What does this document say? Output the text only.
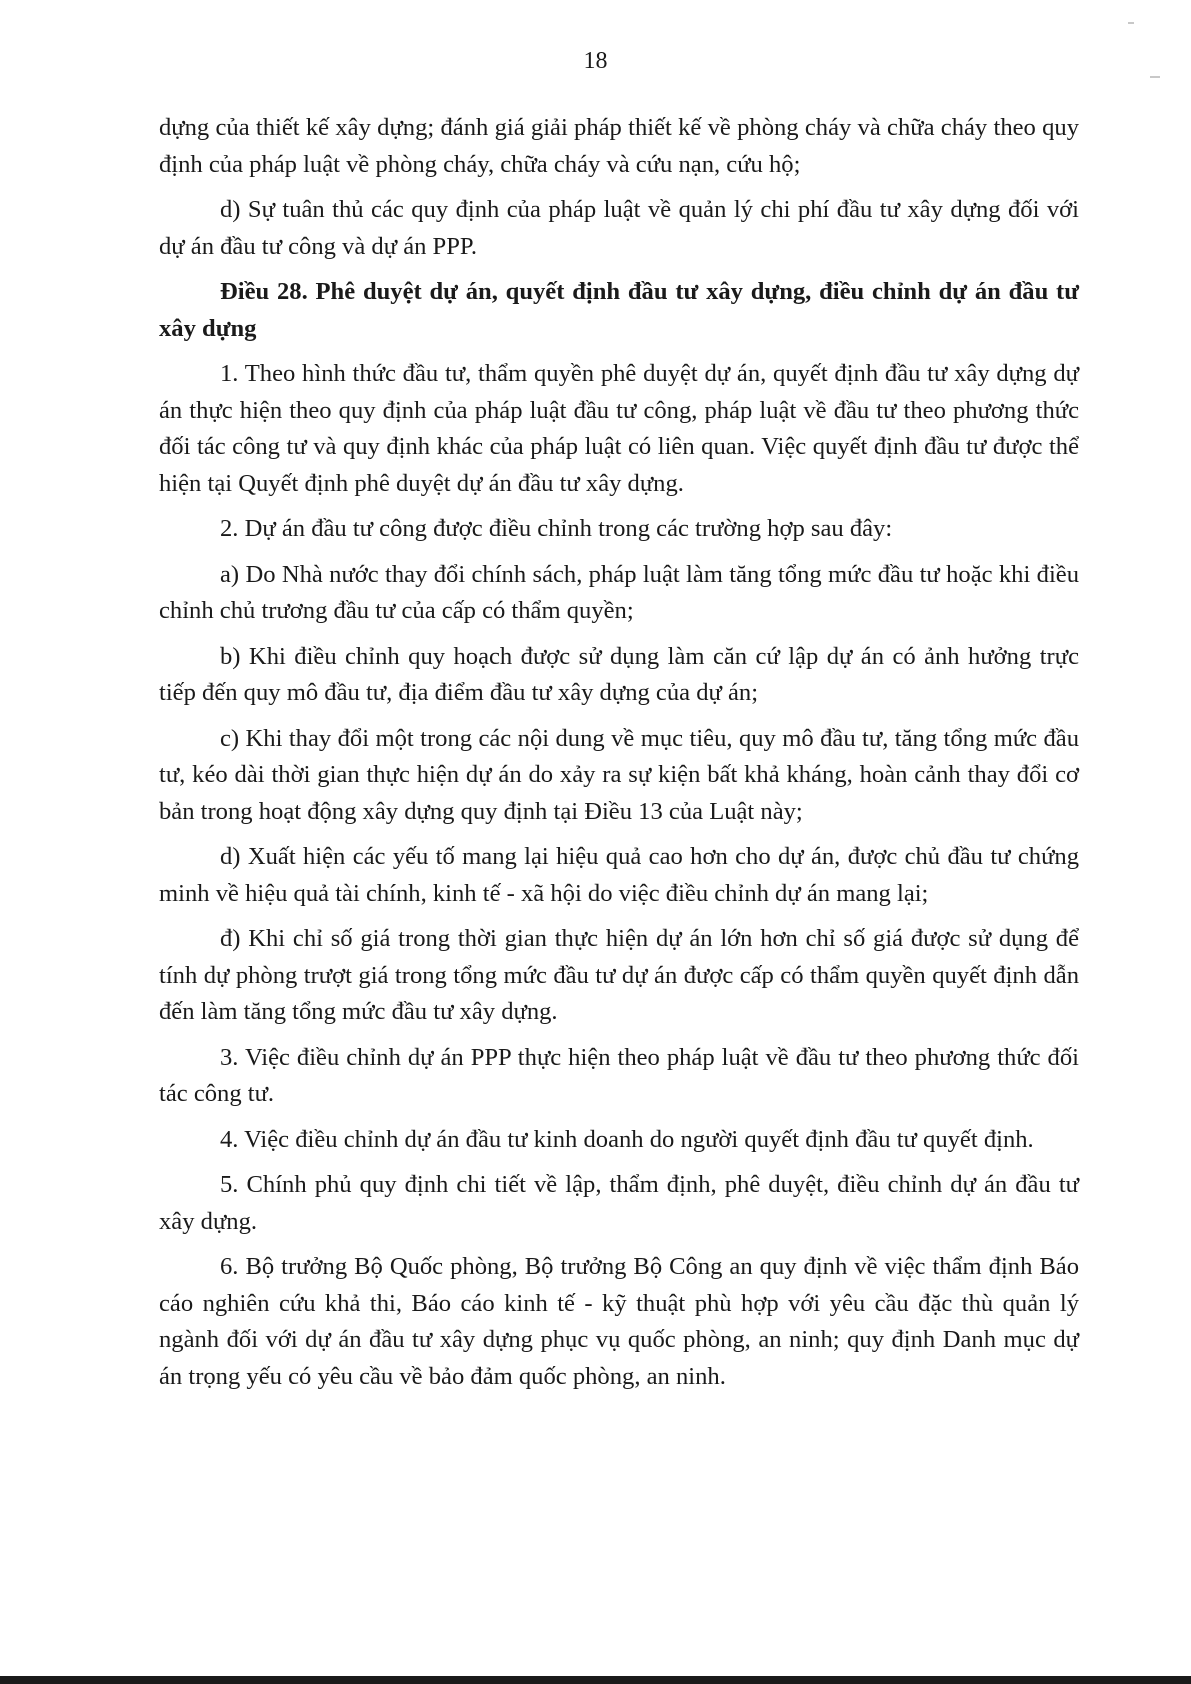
18

dựng của thiết kế xây dựng; đánh giá giải pháp thiết kế về phòng cháy và chữa cháy theo quy định của pháp luật về phòng cháy, chữa cháy và cứu nạn, cứu hộ;

d) Sự tuân thủ các quy định của pháp luật về quản lý chi phí đầu tư xây dựng đối với dự án đầu tư công và dự án PPP.

Điều 28. Phê duyệt dự án, quyết định đầu tư xây dựng, điều chỉnh dự án đầu tư xây dựng

1. Theo hình thức đầu tư, thẩm quyền phê duyệt dự án, quyết định đầu tư xây dựng dự án thực hiện theo quy định của pháp luật đầu tư công, pháp luật về đầu tư theo phương thức đối tác công tư và quy định khác của pháp luật có liên quan. Việc quyết định đầu tư được thể hiện tại Quyết định phê duyệt dự án đầu tư xây dựng.

2. Dự án đầu tư công được điều chỉnh trong các trường hợp sau đây:

a) Do Nhà nước thay đổi chính sách, pháp luật làm tăng tổng mức đầu tư hoặc khi điều chỉnh chủ trương đầu tư của cấp có thẩm quyền;

b) Khi điều chỉnh quy hoạch được sử dụng làm căn cứ lập dự án có ảnh hưởng trực tiếp đến quy mô đầu tư, địa điểm đầu tư xây dựng của dự án;

c) Khi thay đổi một trong các nội dung về mục tiêu, quy mô đầu tư, tăng tổng mức đầu tư, kéo dài thời gian thực hiện dự án do xảy ra sự kiện bất khả kháng, hoàn cảnh thay đổi cơ bản trong hoạt động xây dựng quy định tại Điều 13 của Luật này;

d) Xuất hiện các yếu tố mang lại hiệu quả cao hơn cho dự án, được chủ đầu tư chứng minh về hiệu quả tài chính, kinh tế - xã hội do việc điều chỉnh dự án mang lại;

đ) Khi chỉ số giá trong thời gian thực hiện dự án lớn hơn chỉ số giá được sử dụng để tính dự phòng trượt giá trong tổng mức đầu tư dự án được cấp có thẩm quyền quyết định dẫn đến làm tăng tổng mức đầu tư xây dựng.

3. Việc điều chỉnh dự án PPP thực hiện theo pháp luật về đầu tư theo phương thức đối tác công tư.

4. Việc điều chỉnh dự án đầu tư kinh doanh do người quyết định đầu tư quyết định.

5. Chính phủ quy định chi tiết về lập, thẩm định, phê duyệt, điều chỉnh dự án đầu tư xây dựng.

6. Bộ trưởng Bộ Quốc phòng, Bộ trưởng Bộ Công an quy định về việc thẩm định Báo cáo nghiên cứu khả thi, Báo cáo kinh tế - kỹ thuật phù hợp với yêu cầu đặc thù quản lý ngành đối với dự án đầu tư xây dựng phục vụ quốc phòng, an ninh; quy định Danh mục dự án trọng yếu có yêu cầu về bảo đảm quốc phòng, an ninh.
